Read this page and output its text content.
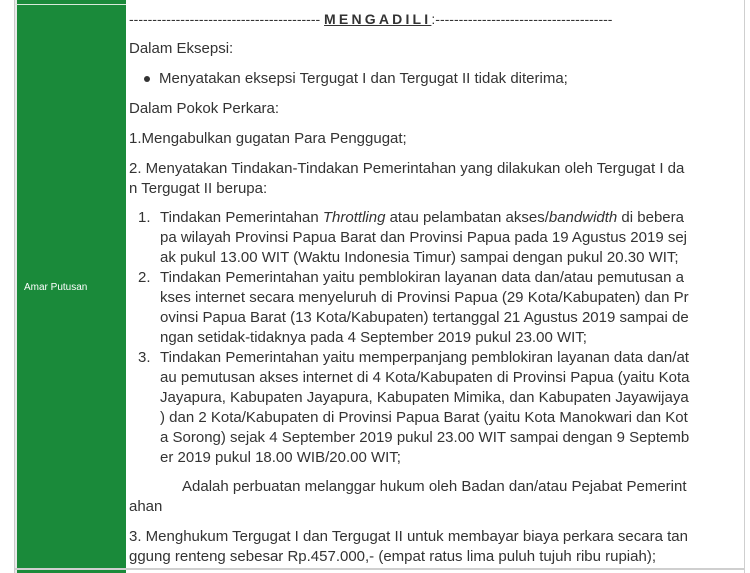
Amar Putusan
----------------------------------------- MENGADILI:--------------------------------------
Dalam Eksepsi:
Menyatakan eksepsi Tergugat I dan Tergugat II tidak diterima;
Dalam Pokok Perkara:
1.Mengabulkan gugatan Para Penggugat;
2. Menyatakan Tindakan-Tindakan Pemerintahan yang dilakukan oleh Tergugat I da
n Tergugat II berupa:
1. Tindakan Pemerintahan Throttling atau pelambatan akses/bandwidth di bebera
pa wilayah Provinsi Papua Barat dan Provinsi Papua pada 19 Agustus 2019 sej
ak pukul 13.00 WIT (Waktu Indonesia Timur) sampai dengan pukul 20.30 WIT;
2. Tindakan Pemerintahan yaitu pemblokiran layanan data dan/atau pemutusan a
kses internet secara menyeluruh di Provinsi Papua (29 Kota/Kabupaten) dan Pr
ovinsi Papua Barat (13 Kota/Kabupaten) tertanggal 21 Agustus 2019 sampai de
ngan setidak-tidaknya pada 4 September 2019 pukul 23.00 WIT;
3. Tindakan Pemerintahan yaitu memperpanjang pemblokiran layanan data dan/at
au pemutusan akses internet di 4 Kota/Kabupaten di Provinsi Papua (yaitu Kota
Jayapura, Kabupaten Jayapura, Kabupaten Mimika, dan Kabupaten Jayawijaya
) dan 2 Kota/Kabupaten di Provinsi Papua Barat (yaitu Kota Manokwari dan Kot
a Sorong) sejak 4 September 2019 pukul 23.00 WIT sampai dengan 9 Septemb
er 2019 pukul 18.00 WIB/20.00 WIT;
Adalah perbuatan melanggar hukum oleh Badan dan/atau Pejabat Pemerint
ahan
3. Menghukum Tergugat I dan Tergugat II untuk membayar biaya perkara secara tan
ggung renteng sebesar Rp.457.000,- (empat ratus lima puluh tujuh ribu rupiah);
